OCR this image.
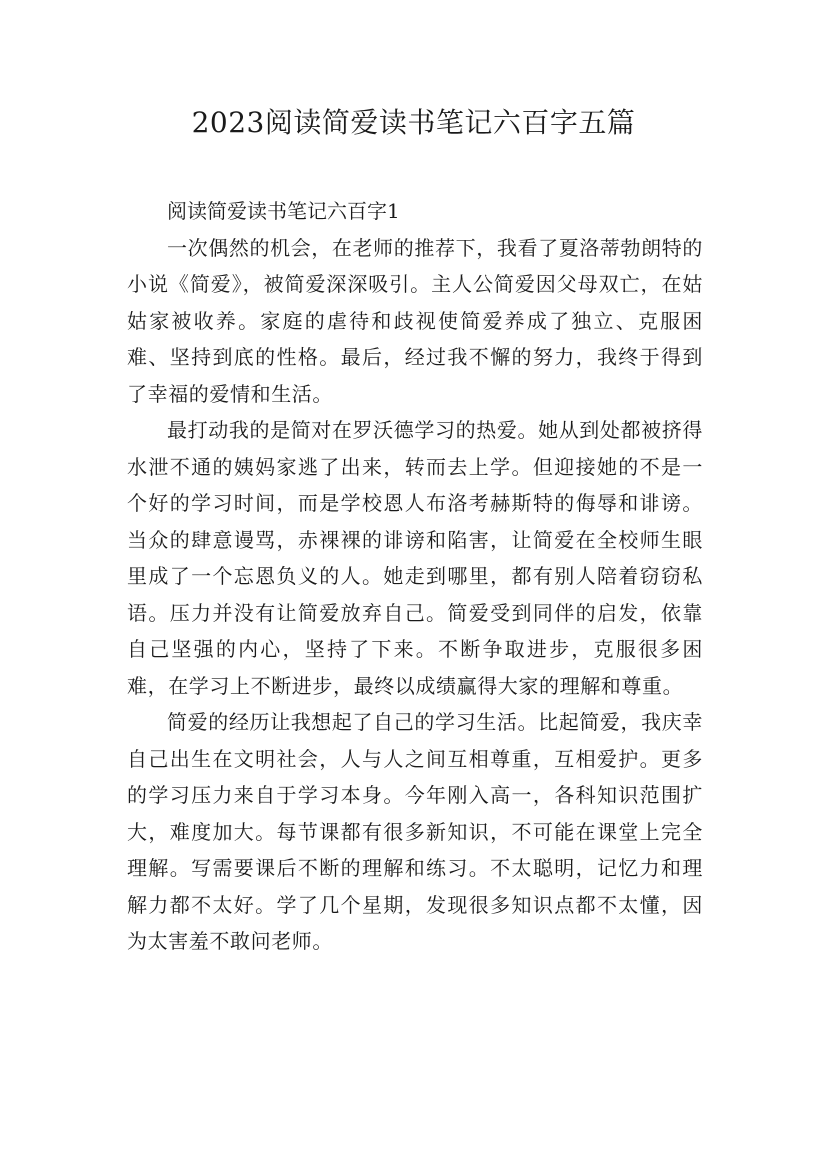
2023阅读简爱读书笔记六百字五篇
阅读简爱读书笔记六百字1

一次偶然的机会，在老师的推荐下，我看了夏洛蒂勃朗特的小说《简爱》，被简爱深深吸引。主人公简爱因父母双亡，在姑姑家被收养。家庭的虐待和歧视使简爱养成了独立、克服困难、坚持到底的性格。最后，经过我不懈的努力，我终于得到了幸福的爱情和生活。

最打动我的是简对在罗沃德学习的热爱。她从到处都被挤得水泄不通的姨妈家逃了出来，转而去上学。但迎接她的不是一个好的学习时间，而是学校恩人布洛考赫斯特的侮辱和诽谤。当众的肆意谩骂，赤裸裸的诽谤和陷害，让简爱在全校师生眼里成了一个忘恩负义的人。她走到哪里，都有别人陪着窃窃私语。压力并没有让简爱放弃自己。简爱受到同伴的启发，依靠自己坚强的内心，坚持了下来。不断争取进步，克服很多困难，在学习上不断进步，最终以成绩赢得大家的理解和尊重。

简爱的经历让我想起了自己的学习生活。比起简爱，我庆幸自己出生在文明社会，人与人之间互相尊重，互相爱护。更多的学习压力来自于学习本身。今年刚入高一，各科知识范围扩大，难度加大。每节课都有很多新知识，不可能在课堂上完全理解。写需要课后不断的理解和练习。不太聪明，记忆力和理解力都不太好。学了几个星期，发现很多知识点都不太懂，因为太害羞不敢问老师。
